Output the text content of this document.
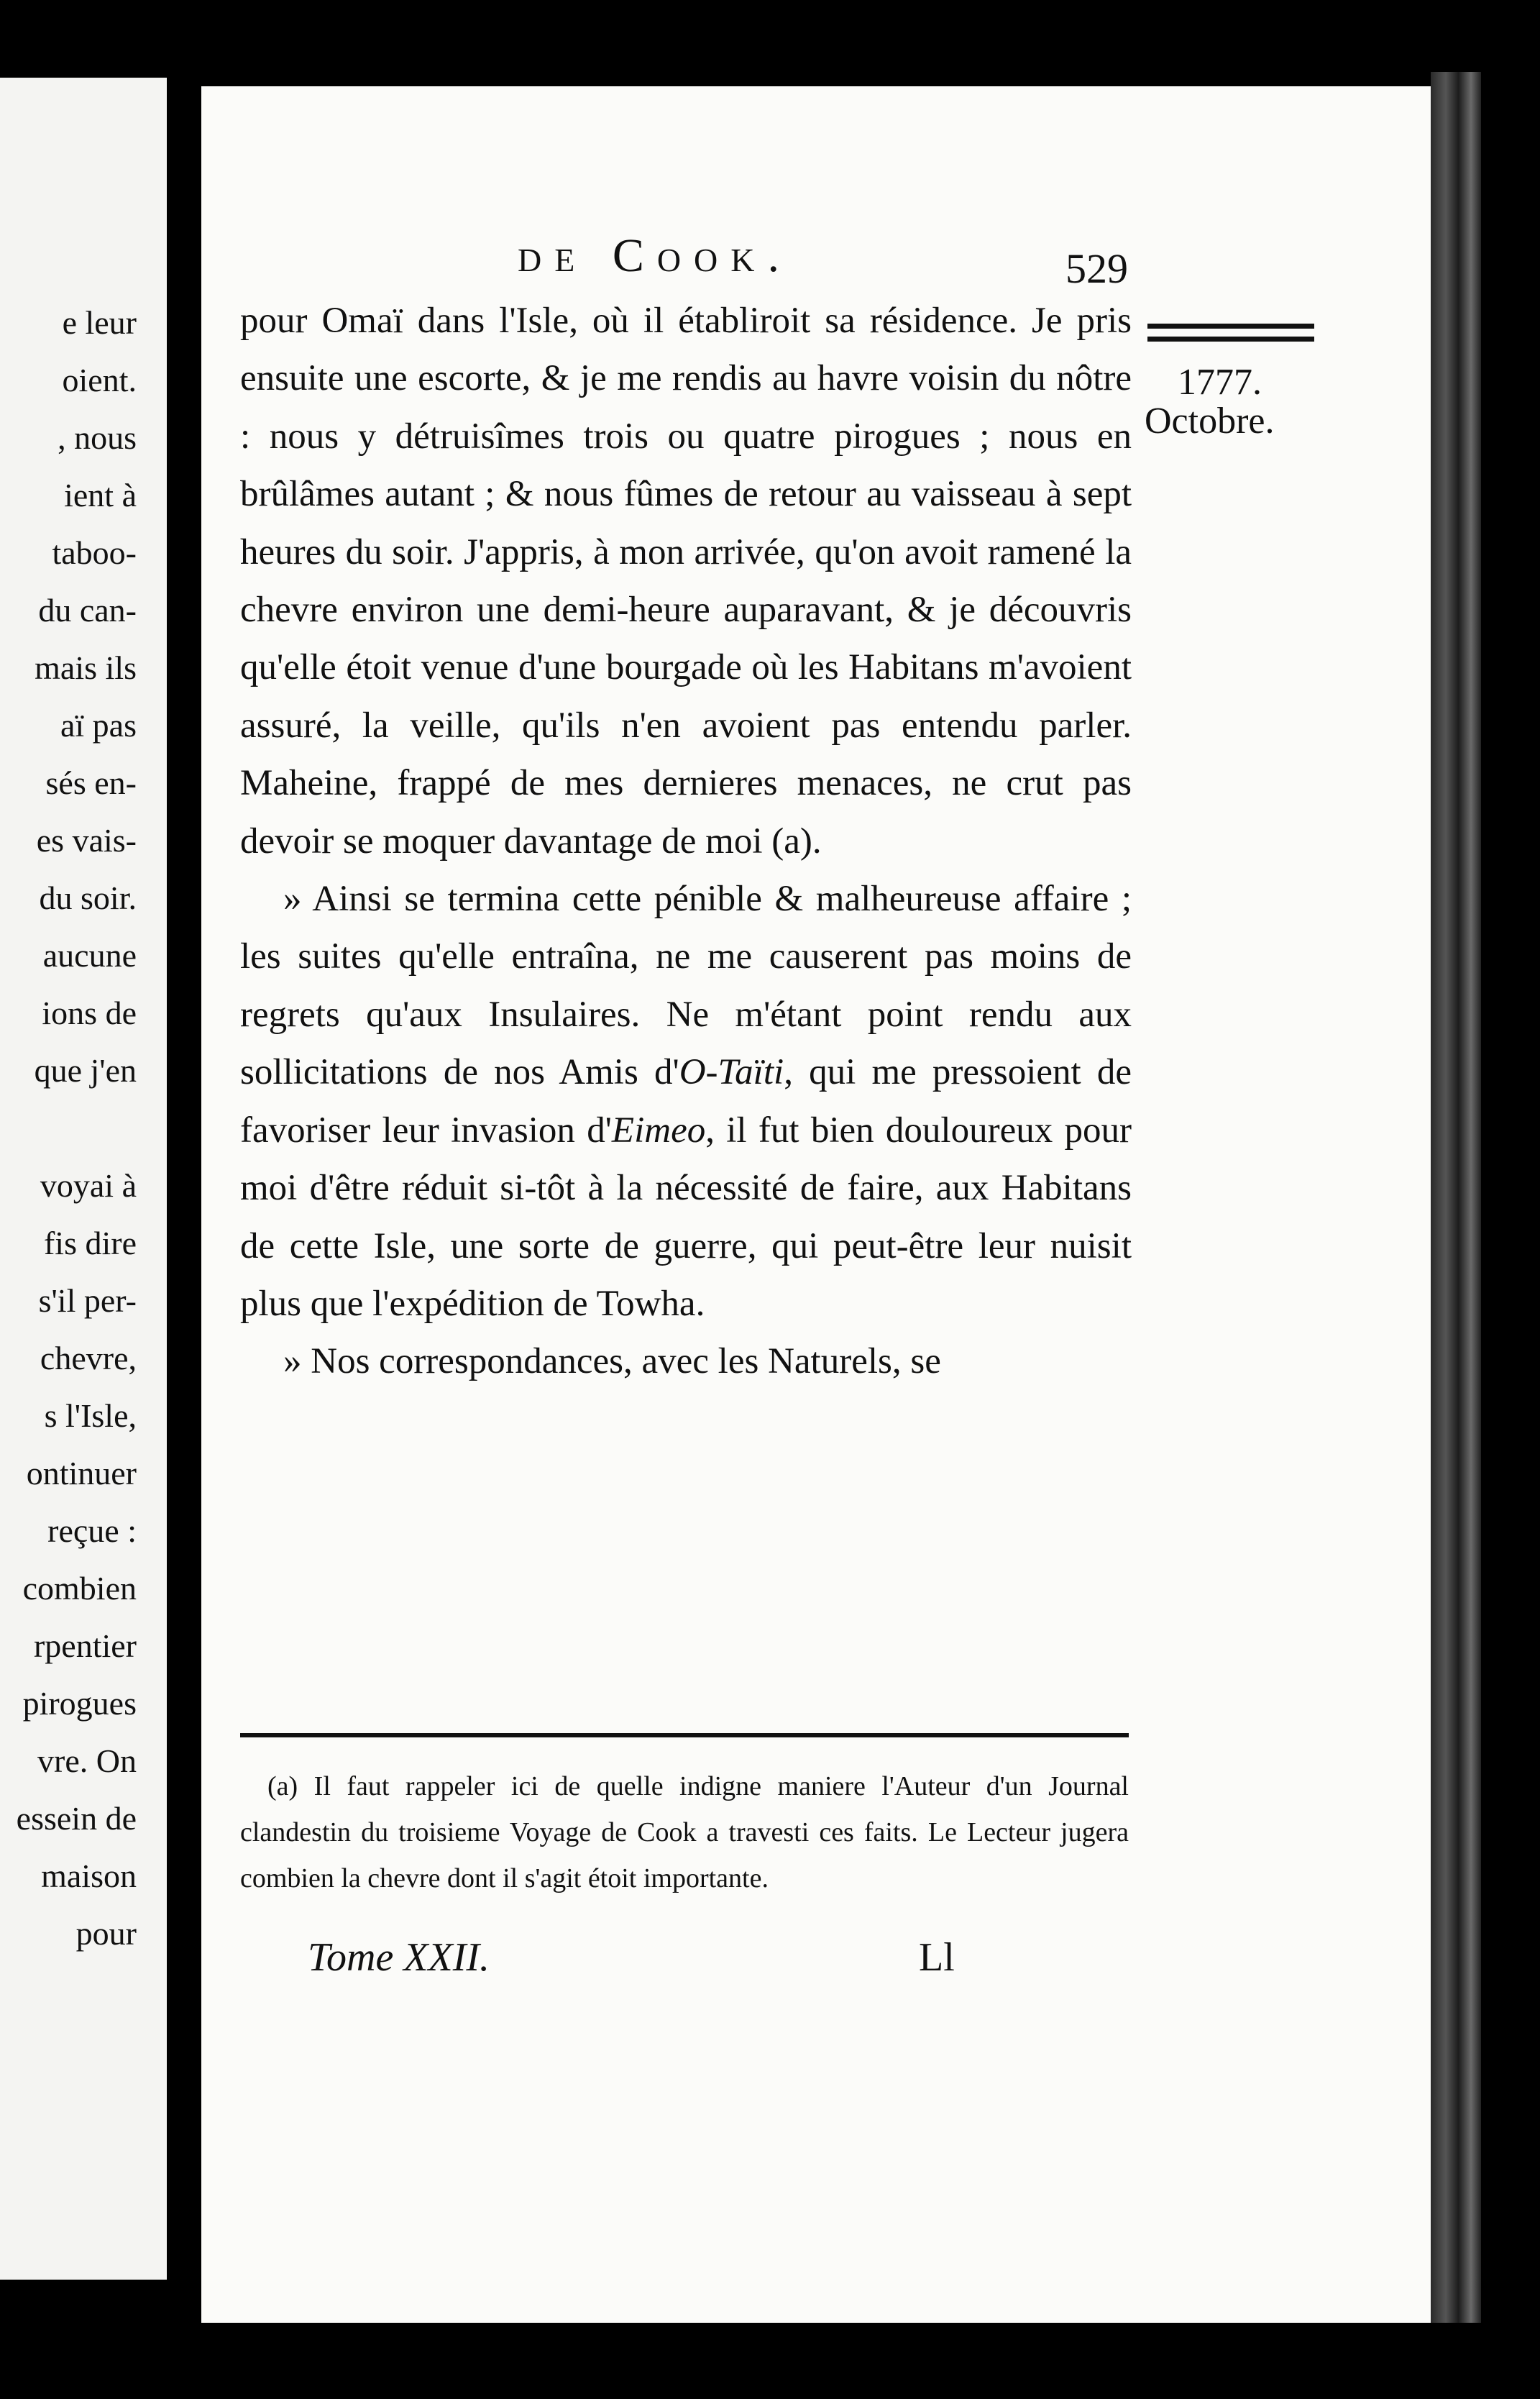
e leur
oient.
, nous
ient à
taboo-
du can-
mais ils
aï pas
sés en-
es vais-
du soir.
aucune
ions de
que j'en
voyai à
fis dire
s'il per-
chevre,
s l'Isle,
ontinuer
reçue :
combien
rpentier
pirogues
vre. On
essein de
maison
pour
de Cook.	529
1777.
Octobre.

pour Omaï dans l'Isle, où il établiroit sa résidence. Je pris ensuite une escorte, & je me rendis au havre voisin du nôtre : nous y détruisîmes trois ou quatre pirogues ; nous en brûlâmes autant ; & nous fûmes de retour au vaisseau à sept heures du soir. J'appris, à mon arrivée, qu'on avoit ramené la chevre environ une demi-heure auparavant, & je découvris qu'elle étoit venue d'une bourgade où les Habitans m'avoient assuré, la veille, qu'ils n'en avoient pas entendu parler. Maheine, frappé de mes dernieres menaces, ne crut pas devoir se moquer davantage de moi (a).

» Ainsi se termina cette pénible & malheureuse affaire ; les suites qu'elle entraîna, ne me causerent pas moins de regrets qu'aux Insulaires. Ne m'étant point rendu aux sollicitations de nos Amis d'O-Taïti, qui me pressoient de favoriser leur invasion d'Eimeo, il fut bien douloureux pour moi d'être réduit si-tôt à la nécessité de faire, aux Habitans de cette Isle, une sorte de guerre, qui peut-être leur nuisit plus que l'expédition de Towha.

» Nos correspondances, avec les Naturels, se

(a) Il faut rappeler ici de quelle indigne maniere l'Auteur d'un Journal clandestin du troisieme Voyage de Cook a travesti ces faits. Le Lecteur jugera combien la chevre dont il s'agit étoit importante.

Tome XXII.	Ll
